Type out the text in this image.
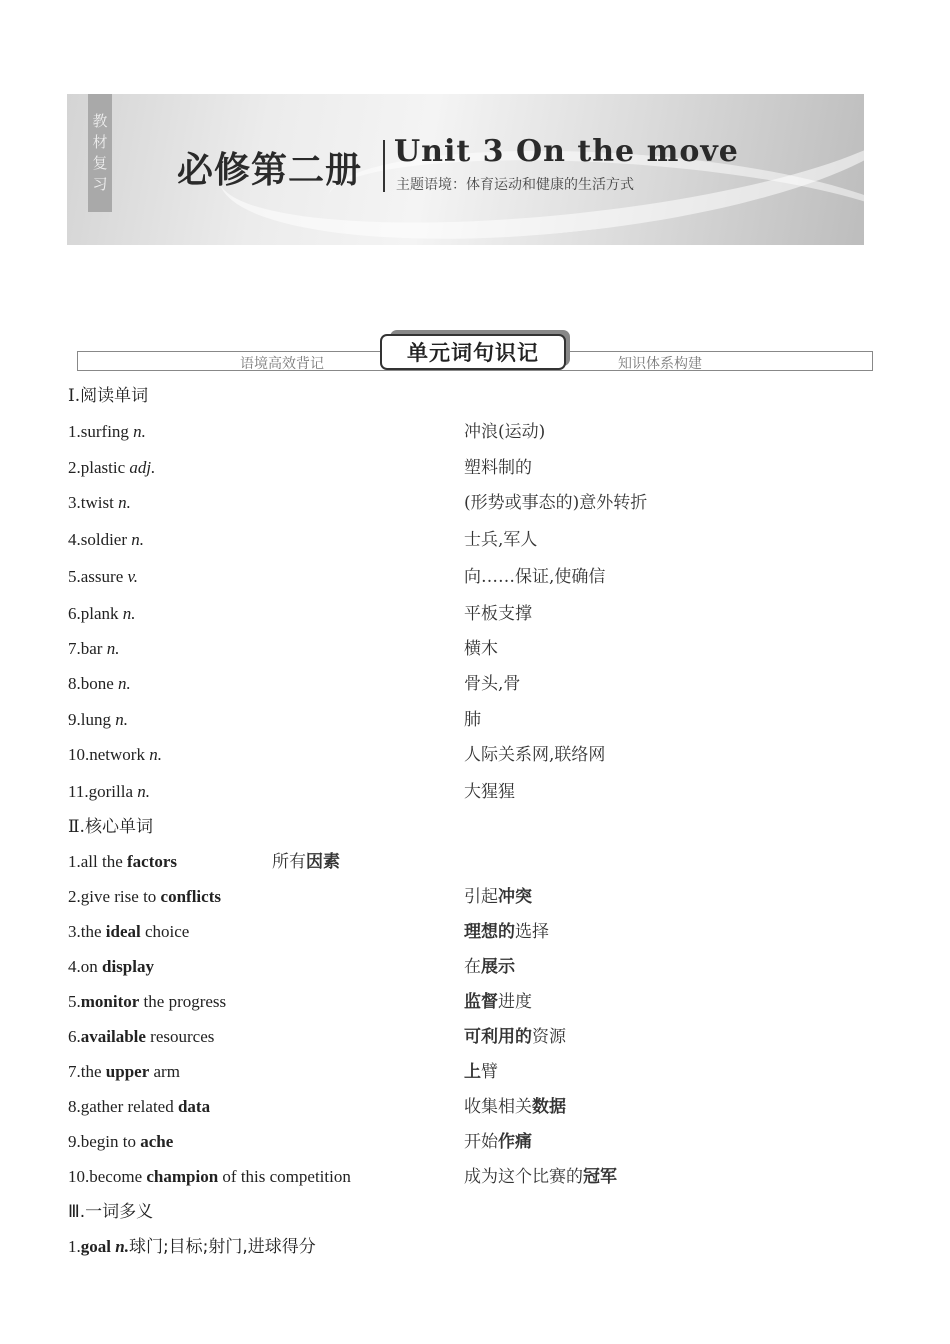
教
材
复
习 必修第二册 Unit 3 On the move
主题语境：体育运动和健康的生活方式
语境高效背记	知识体系构建
单元词句识记
Ⅰ.阅读单词
1.surfing n.	冲浪(运动)
2.plastic adj.	塑料制的
3.twist n.	(形势或事态的)意外转折
4.soldier n.	士兵,军人
5.assure v.	向……保证,使确信
6.plank n.	平板支撑
7.bar n.	横木
8.bone n.	骨头,骨
9.lung n.	肺
10.network n.	人际关系网,联络网
11.gorilla n.	大猩猩
Ⅱ.核心单词
1.all the factors	所有因素
2.give rise to conflicts	引起冲突
3.the ideal choice	理想的选择
4.on display	在展示
5.monitor the progress	监督进度
6.available resources	可利用的资源
7.the upper arm	上臂
8.gather related data	收集相关数据
9.begin to ache	开始作痛
10.become champion of this competition	成为这个比赛的冠军
Ⅲ.一词多义
1.goal n.球门;目标;射门,进球得分
